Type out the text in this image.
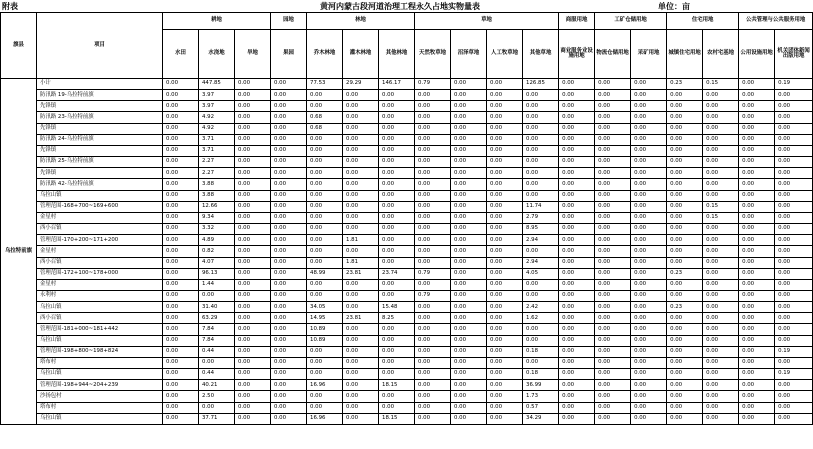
附表	黄河内蒙古段河道治理工程永久占地实物量表	单位：亩
旗县	项目	耕地			园地	林地			草地				商服用地	工矿仓储用地		住宅用地		公共管理与公共服务用地	
		水田	水浇地	旱地	果园	乔木林地	灌木林地	其他林地	天然牧草地	沼泽草地	人工牧草地	其他草地	商业服务业设施用地	物流仓储用地	采矿用地	城镇住宅用地	农村宅基地	公用设施用地	机关团体新闻出版用地
乌拉特前旗	小计	0.00	447.85	0.00	0.00	77.53	29.29	146.17	0.79	0.00	0.00	126.85	0.00	0.00	0.00	0.23	0.15	0.00	0.19
	防汛路 19-乌拉特前旗	0.00	3.97	0.00	0.00	0.00	0.00	0.00	0.00	0.00	0.00	0.00	0.00	0.00	0.00	0.00	0.00	0.00	0.00
	先锋镇	0.00	3.97	0.00	0.00	0.00	0.00	0.00	0.00	0.00	0.00	0.00	0.00	0.00	0.00	0.00	0.00	0.00	0.00
	防汛路 23-乌拉特前旗	0.00	4.92	0.00	0.00	0.68	0.00	0.00	0.00	0.00	0.00	0.00	0.00	0.00	0.00	0.00	0.00	0.00	0.00
	先锋镇	0.00	4.92	0.00	0.00	0.68	0.00	0.00	0.00	0.00	0.00	0.00	0.00	0.00	0.00	0.00	0.00	0.00	0.00
	防汛路 24-乌拉特前旗	0.00	3.71	0.00	0.00	0.00	0.00	0.00	0.00	0.00	0.00	0.00	0.00	0.00	0.00	0.00	0.00	0.00	0.00
	先锋镇	0.00	3.71	0.00	0.00	0.00	0.00	0.00	0.00	0.00	0.00	0.00	0.00	0.00	0.00	0.00	0.00	0.00	0.00
	防汛路 25-乌拉特前旗	0.00	2.27	0.00	0.00	0.00	0.00	0.00	0.00	0.00	0.00	0.00	0.00	0.00	0.00	0.00	0.00	0.00	0.00
	先锋镇	0.00	2.27	0.00	0.00	0.00	0.00	0.00	0.00	0.00	0.00	0.00	0.00	0.00	0.00	0.00	0.00	0.00	0.00
	防汛路 42-乌拉特前旗	0.00	3.88	0.00	0.00	0.00	0.00	0.00	0.00	0.00	0.00	0.00	0.00	0.00	0.00	0.00	0.00	0.00	0.00
	乌拉山镇	0.00	3.88	0.00	0.00	0.00	0.00	0.00	0.00	0.00	0.00	0.00	0.00	0.00	0.00	0.00	0.00	0.00	0.00
	管理范围-168+700~169+600	0.00	12.66	0.00	0.00	0.00	0.00	0.00	0.00	0.00	0.00	11.74	0.00	0.00	0.00	0.00	0.15	0.00	0.00
	金星村	0.00	9.34	0.00	0.00	0.00	0.00	0.00	0.00	0.00	0.00	2.79	0.00	0.00	0.00	0.00	0.15	0.00	0.00
	西小召镇	0.00	3.32	0.00	0.00	0.00	0.00	0.00	0.00	0.00	0.00	8.95	0.00	0.00	0.00	0.00	0.00	0.00	0.00
	管理范围-170+200~171+200	0.00	4.89	0.00	0.00	0.00	1.81	0.00	0.00	0.00	0.00	2.94	0.00	0.00	0.00	0.00	0.00	0.00	0.00
	金星村	0.00	0.82	0.00	0.00	0.00	0.00	0.00	0.00	0.00	0.00	0.00	0.00	0.00	0.00	0.00	0.00	0.00	0.00
	西小召镇	0.00	4.07	0.00	0.00	0.00	1.81	0.00	0.00	0.00	0.00	2.94	0.00	0.00	0.00	0.00	0.00	0.00	0.00
	管理范围-172+100~178+000	0.00	96.13	0.00	0.00	48.99	23.81	23.74	0.79	0.00	0.00	4.05	0.00	0.00	0.00	0.23	0.00	0.00	0.00
	金星村	0.00	1.44	0.00	0.00	0.00	0.00	0.00	0.00	0.00	0.00	0.00	0.00	0.00	0.00	0.00	0.00	0.00	0.00
	永利村	0.00	0.00	0.00	0.00	0.00	0.00	0.00	0.79	0.00	0.00	0.00	0.00	0.00	0.00	0.00	0.00	0.00	0.00
	乌拉山镇	0.00	31.40	0.00	0.00	34.05	0.00	15.48	0.00	0.00	0.00	2.42	0.00	0.00	0.00	0.23	0.00	0.00	0.00
	西小召镇	0.00	63.29	0.00	0.00	14.95	23.81	8.25	0.00	0.00	0.00	1.62	0.00	0.00	0.00	0.00	0.00	0.00	0.00
	管理范围-181+000~181+442	0.00	7.84	0.00	0.00	10.89	0.00	0.00	0.00	0.00	0.00	0.00	0.00	0.00	0.00	0.00	0.00	0.00	0.00
	乌拉山镇	0.00	7.84	0.00	0.00	10.89	0.00	0.00	0.00	0.00	0.00	0.00	0.00	0.00	0.00	0.00	0.00	0.00	0.00
	管理范围-198+800~198+824	0.00	0.44	0.00	0.00	0.00	0.00	0.00	0.00	0.00	0.00	0.18	0.00	0.00	0.00	0.00	0.00	0.00	0.19
	塔布村	0.00	0.00	0.00	0.00	0.00	0.00	0.00	0.00	0.00	0.00	0.00	0.00	0.00	0.00	0.00	0.00	0.00	0.00
	乌拉山镇	0.00	0.44	0.00	0.00	0.00	0.00	0.00	0.00	0.00	0.00	0.18	0.00	0.00	0.00	0.00	0.00	0.00	0.19
	管理范围-198+944~204+239	0.00	40.21	0.00	0.00	16.96	0.00	18.15	0.00	0.00	0.00	36.99	0.00	0.00	0.00	0.00	0.00	0.00	0.00
	沙扬包村	0.00	2.50	0.00	0.00	0.00	0.00	0.00	0.00	0.00	0.00	1.73	0.00	0.00	0.00	0.00	0.00	0.00	0.00
	塔布村	0.00	0.00	0.00	0.00	0.00	0.00	0.00	0.00	0.00	0.00	0.57	0.00	0.00	0.00	0.00	0.00	0.00	0.00
	乌拉山镇	0.00	37.71	0.00	0.00	16.96	0.00	18.15	0.00	0.00	0.00	34.29	0.00	0.00	0.00	0.00	0.00	0.00	0.00
